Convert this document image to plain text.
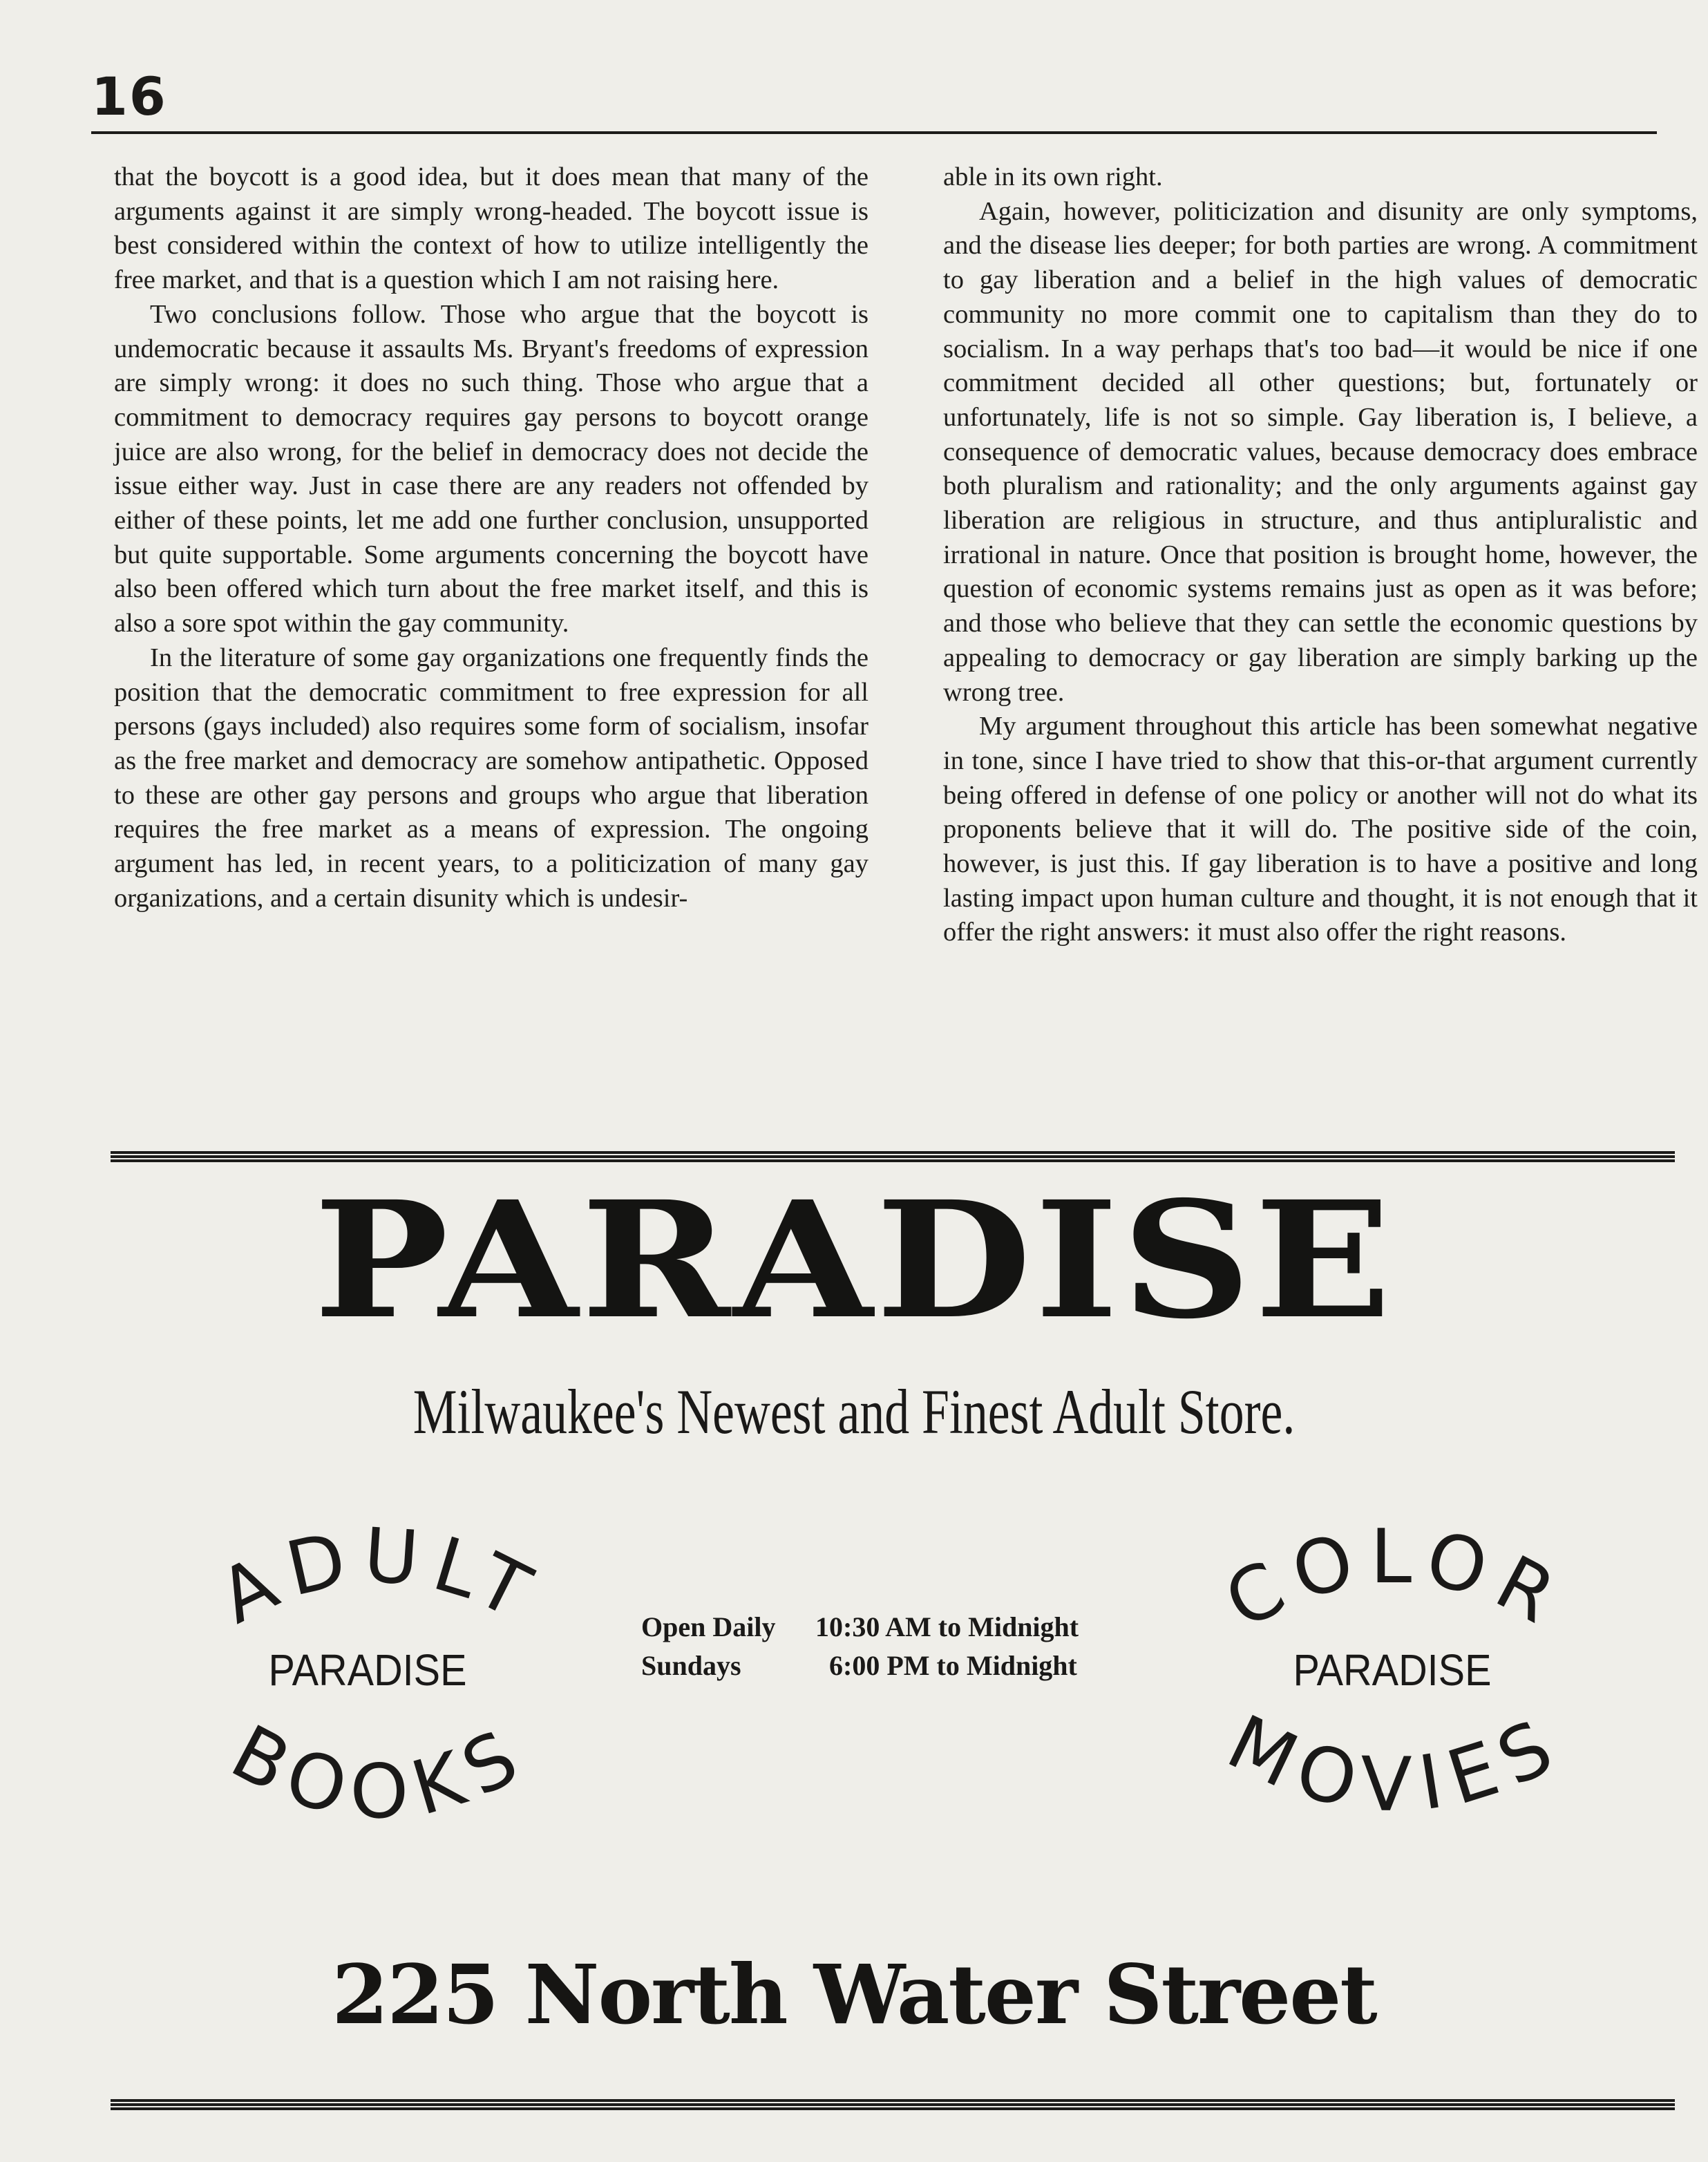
16

that the boycott is a good idea, but it does mean that many of the arguments against it are simply wrong-headed. The boycott issue is best considered within the context of how to utilize intelligently the free market, and that is a question which I am not raising here.

Two conclusions follow. Those who argue that the boycott is undemocratic because it assaults Ms. Bryant's freedoms of expression are simply wrong: it does no such thing. Those who argue that a commitment to democracy requires gay persons to boycott orange juice are also wrong, for the belief in democracy does not decide the issue either way. Just in case there are any readers not offended by either of these points, let me add one further conclusion, unsupported but quite supportable. Some arguments concerning the boycott have also been offered which turn about the free market itself, and this is also a sore spot within the gay community.

In the literature of some gay organizations one frequently finds the position that the democratic commitment to free expression for all persons (gays included) also requires some form of socialism, insofar as the free market and democracy are somehow antipathetic. Opposed to these are other gay persons and groups who argue that liberation requires the free market as a means of expression. The ongoing argument has led, in recent years, to a politicization of many gay organizations, and a certain disunity which is undesir-

able in its own right.

Again, however, politicization and disunity are only symptoms, and the disease lies deeper; for both parties are wrong. A commitment to gay liberation and a belief in the high values of democratic community no more commit one to capitalism than they do to socialism. In a way perhaps that's too bad—it would be nice if one commitment decided all other questions; but, fortunately or unfortunately, life is not so simple. Gay liberation is, I believe, a consequence of democratic values, because democracy does embrace both pluralism and rationality; and the only arguments against gay liberation are religious in structure, and thus antipluralistic and irrational in nature. Once that position is brought home, however, the question of economic systems remains just as open as it was before; and those who believe that they can settle the economic questions by appealing to democracy or gay liberation are simply barking up the wrong tree.

My argument throughout this article has been somewhat negative in tone, since I have tried to show that this-or-that argument currently being offered in defense of one policy or another will not do what its proponents believe that it will do. The positive side of the coin, however, is just this. If gay liberation is to have a positive and long lasting impact upon human culture and thought, it is not enough that it offer the right answers: it must also offer the right reasons.

PARADISE
Milwaukee's Newest and Finest Adult Store.
ADULT
PARADISE
BOOKS
Open Daily	10:30 AM to Midnight
Sundays	6:00 PM to Midnight
COLOR
PARADISE
MOVIES
225 North Water Street
